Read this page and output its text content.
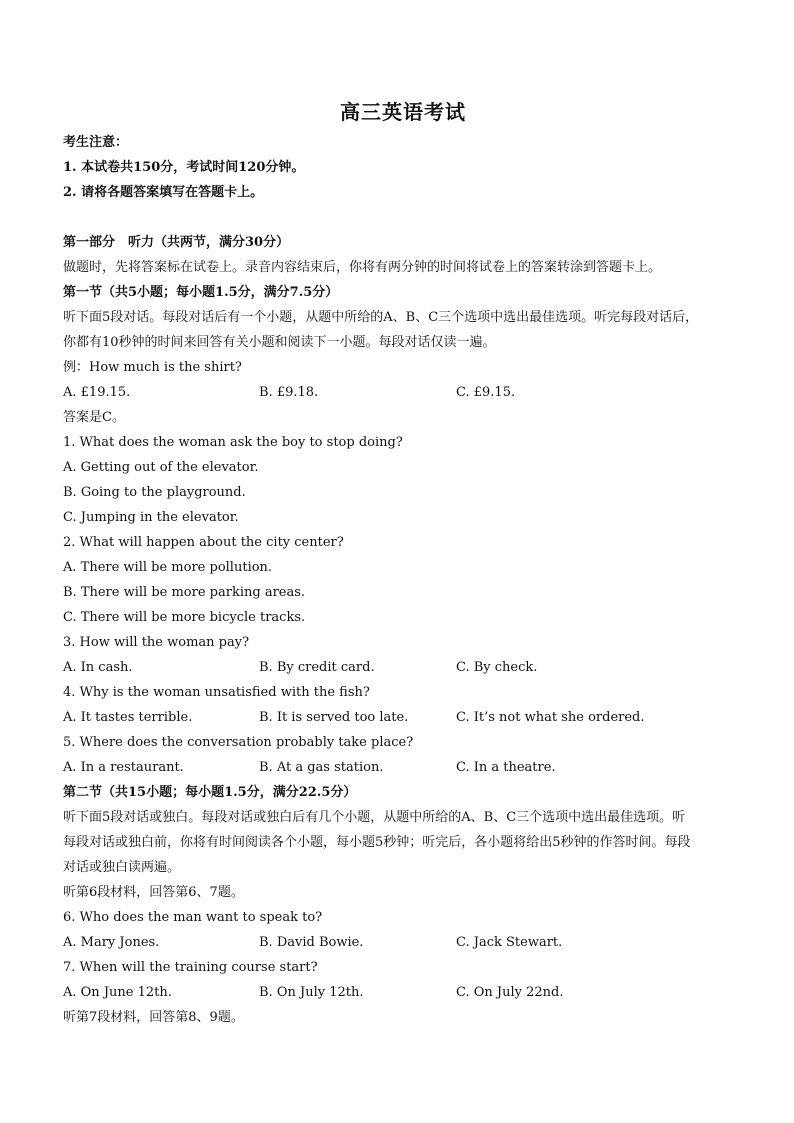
高三英语考试
考生注意：
1. 本试卷共150分，考试时间120分钟。
2. 请将各题答案填写在答题卡上。
第一部分　听力（共两节，满分30分）
做题时，先将答案标在试卷上。录音内容结束后，你将有两分钟的时间将试卷上的答案转涂到答题卡上。
第一节（共5小题；每小题1.5分，满分7.5分）
听下面5段对话。每段对话后有一个小题，从题中所给的A、B、C三个选项中选出最佳选项。听完每段对话后，
你都有10秒钟的时间来回答有关小题和阅读下一小题。每段对话仅读一遍。
例：How much is the shirt?
A. £19.15.	B. £9.18.	C. £9.15.
答案是C。
1. What does the woman ask the boy to stop doing?
A. Getting out of the elevator.
B. Going to the playground.
C. Jumping in the elevator.
2. What will happen about the city center?
A. There will be more pollution.
B. There will be more parking areas.
C. There will be more bicycle tracks.
3. How will the woman pay?
A. In cash.	B. By credit card.	C. By check.
4. Why is the woman unsatisfied with the fish?
A. It tastes terrible.	B. It is served too late.	C. It’s not what she ordered.
5. Where does the conversation probably take place?
A. In a restaurant.	B. At a gas station.	C. In a theatre.
第二节（共15小题；每小题1.5分，满分22.5分）
听下面5段对话或独白。每段对话或独白后有几个小题，从题中所给的A、B、C三个选项中选出最佳选项。听
每段对话或独白前，你将有时间阅读各个小题，每小题5秒钟；听完后，各小题将给出5秒钟的作答时间。每段
对话或独白读两遍。
听第6段材料，回答第6、7题。
6. Who does the man want to speak to?
A. Mary Jones.	B. David Bowie.	C. Jack Stewart.
7. When will the training course start?
A. On June 12th.	B. On July 12th.	C. On July 22nd.
听第7段材料，回答第8、9题。
